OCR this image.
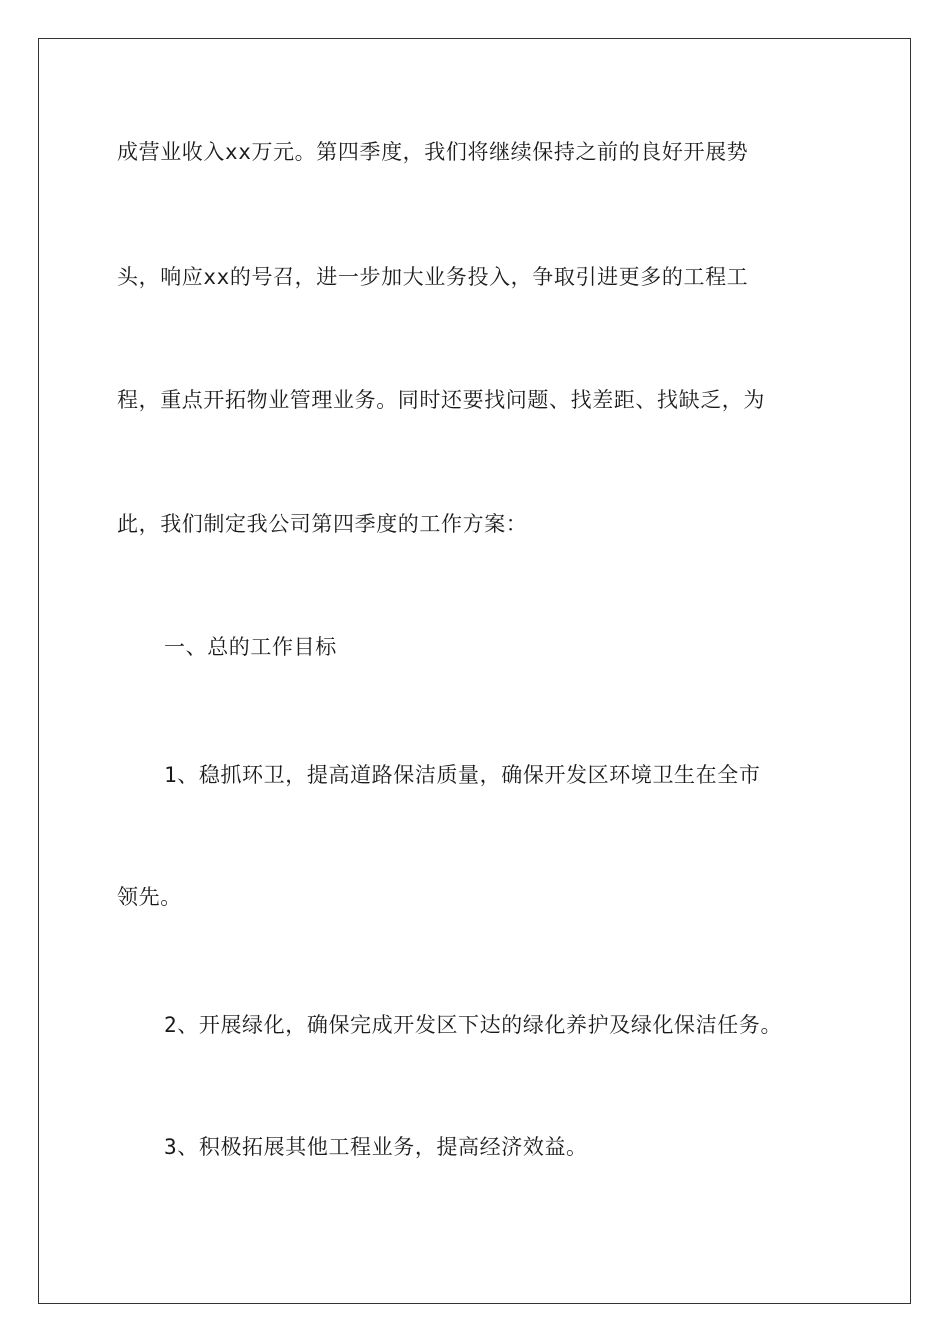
成营业收入xx万元。第四季度，我们将继续保持之前的良好开展势
头，响应xx的号召，进一步加大业务投入，争取引进更多的工程工
程，重点开拓物业管理业务。同时还要找问题、找差距、找缺乏，为
此，我们制定我公司第四季度的工作方案：
一、总的工作目标
1、稳抓环卫，提高道路保洁质量，确保开发区环境卫生在全市
领先。
2、开展绿化，确保完成开发区下达的绿化养护及绿化保洁任务。
3、积极拓展其他工程业务，提高经济效益。
